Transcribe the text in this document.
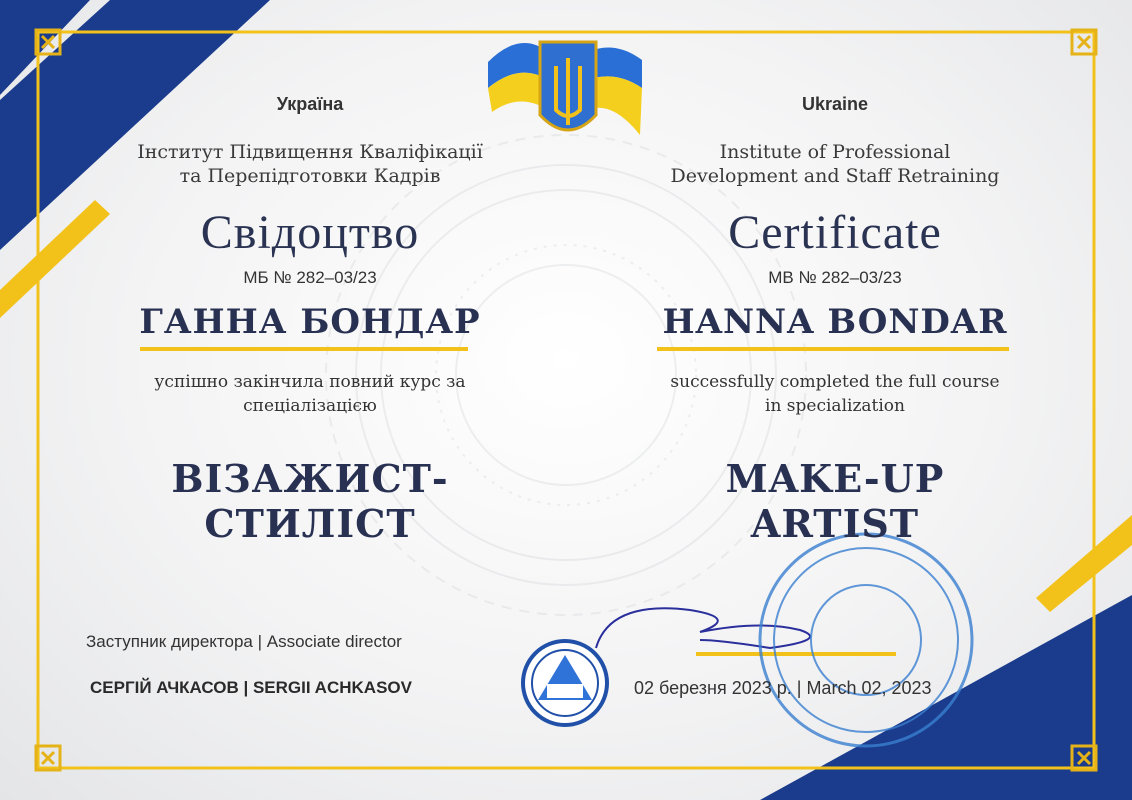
Україна	Ukraine
Інститут Підвищення Кваліфікації
та Перепідготовки Кадрів
Institute of Professional
Development and Staff Retraining
Свідоцтво	Certificate
МБ № 282–03/23	MB № 282–03/23
ГАННА БОНДАР	HANNA BONDAR
успішно закінчила повний курс за
спеціалізацією
successfully completed the full course
in specialization
ВІЗАЖИСТ-СТИЛІСТ
MAKE-UP ARTIST
Заступник директора | Associate director
СЕРГІЙ АЧКАСОВ | SERGII ACHKASOV	02 березня 2023 р. | March 02, 2023
